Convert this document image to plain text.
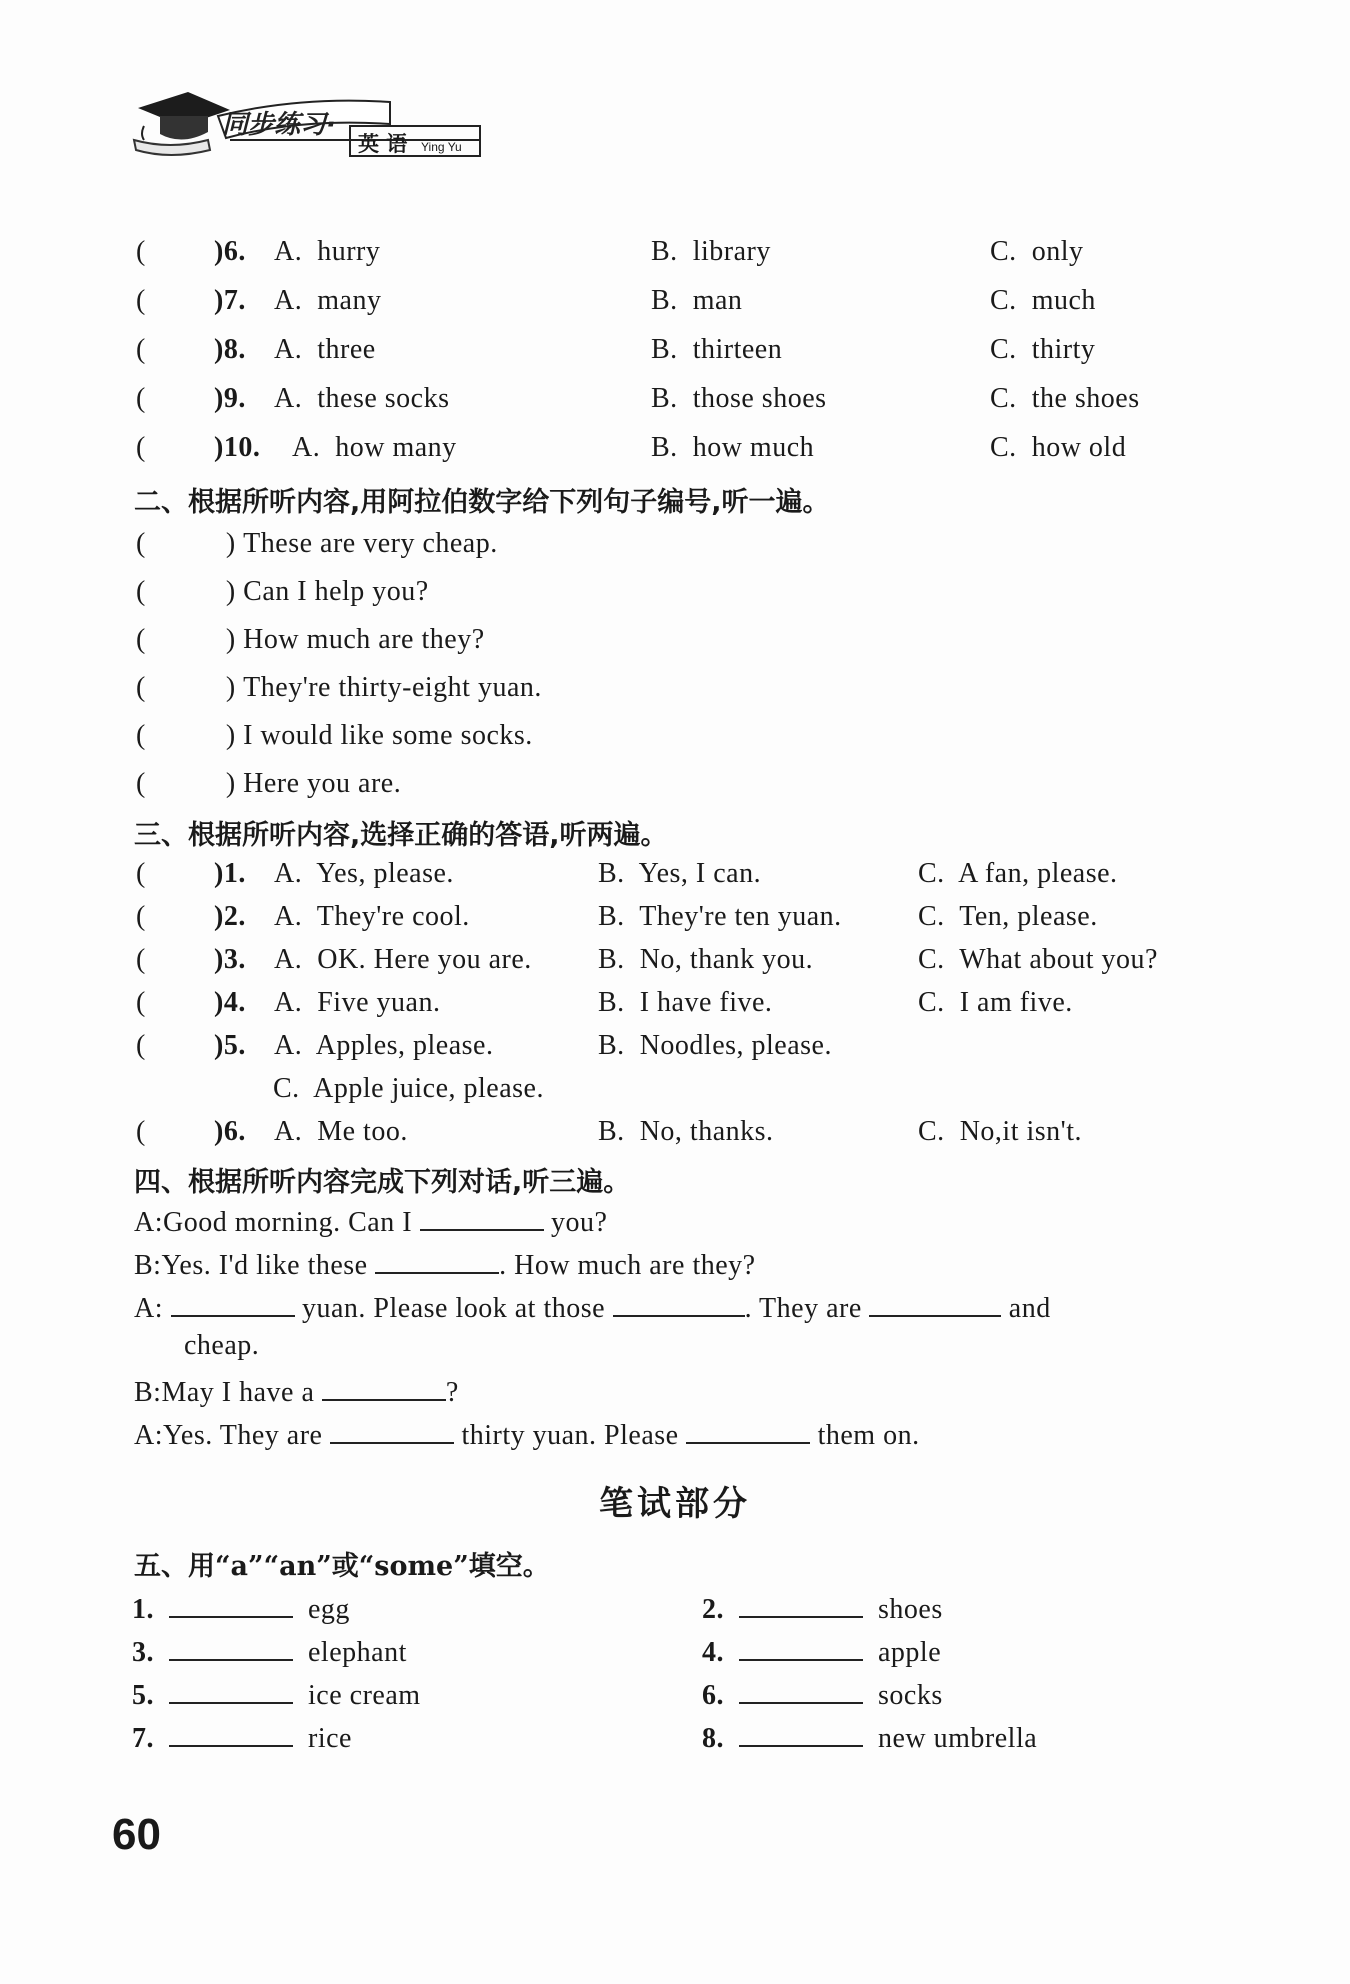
同步练习·
英 语 Ying Yu
( )6. A. hurry	B. library	C. only
( )7. A. many	B. man	C. much
( )8. A. three	B. thirteen	C. thirty
( )9. A. these socks	B. those shoes	C. the shoes
( )10. A. how many	B. how much	C. how old
二、根据所听内容,用阿拉伯数字给下列句子编号,听一遍。
(	) These are very cheap.
(	) Can I help you?
(	) How much are they?
(	) They're thirty-eight yuan.
(	) I would like some socks.
(	) Here you are.
三、根据所听内容,选择正确的答语,听两遍。
( )1. A. Yes, please.	B. Yes, I can.	C. A fan, please.
( )2. A. They're cool.	B. They're ten yuan.	C. Ten, please.
( )3. A. OK. Here you are. B. No, thank you.	C. What about you?
( )4. A. Five yuan.	B. I have five.	C. I am five.
( )5. A. Apples, please.	B. Noodles, please.
C. Apple juice, please.
( )6. A. Me too.	B. No, thanks.	C. No,it isn't.
四、根据所听内容完成下列对话,听三遍。
A:Good morning. Can I	you?
B:Yes. I'd like these	. How much are they?
A:	yuan. Please look at those	. They are	and
cheap.
B:May I have a	?
A:Yes. They are	thirty yuan. Please	them on.
笔试部分
五、用“a”“an”或“some”填空。
1.	egg	2.	shoes
3.	elephant	4.	apple
5.	ice cream	6.	socks
7.	rice	8.	new umbrella
60
